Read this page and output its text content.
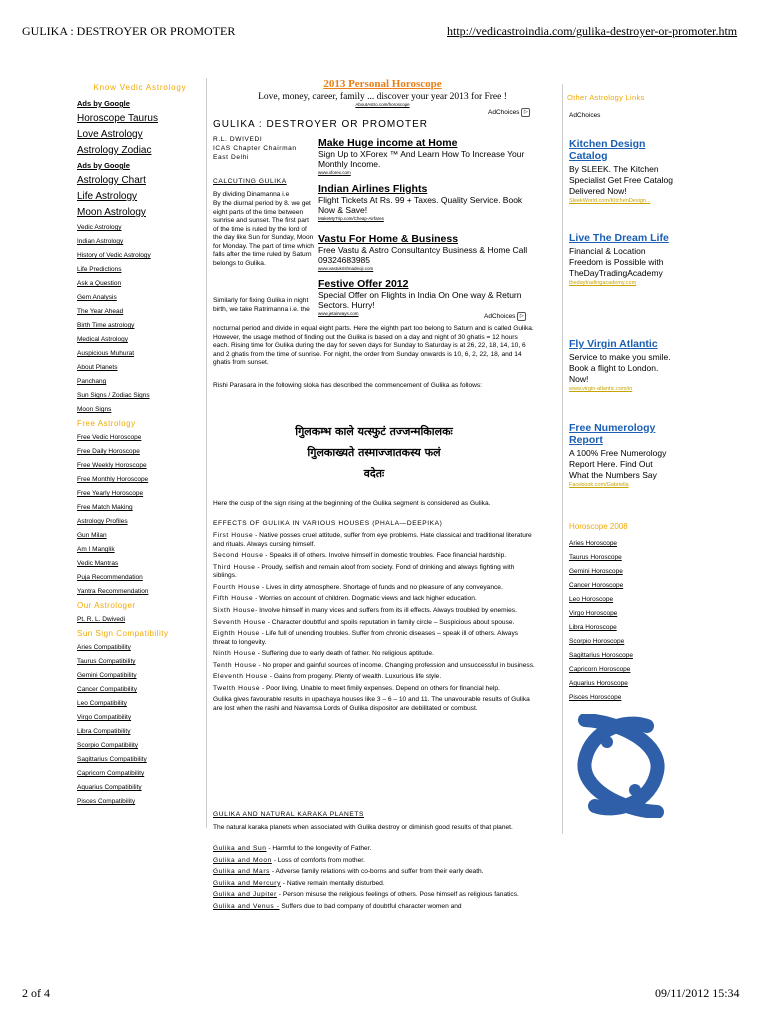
GULIKA : DESTROYER OR PROMOTER	http://vedicastroindia.com/gulika-destroyer-or-promoter.htm
2 of 4	09/11/2012 15:34
Know Vedic Astrology
Ads by Google
Horoscope Taurus
Love Astrology
Astrology Zodiac
Ads by Google
Astrology Chart
Life Astrology
Moon Astrology
Vedic Astrology
Indian Astrology
History of Vedic Astrology
Life Predictions
Ask a Question
Gem Analysis
The Year Ahead
Birth Time astrology
Medical Astrology
Auspicious Muhurat
About Planets
Panchang
Sun Signs / Zodiac Signs
Moon Signs
Free Astrology
Free Vedic Horoscope
Free Daily Horoscope
Free Weekly Horoscope
Free Monthly Horoscope
Free Yearly Horoscope
Free Match Making
Astrology Profiles
Gun Milan
Am I Manglik
Vedic Mantras
Puja Recommendation
Yantra Recommendation
Our Astrologer
Pt. R. L. Dwivedi
Sun Sign Compatibility
Aries Compatibility
Taurus Compatibility
Gemini Compatibility
Cancer Compatibility
Leo Compatibility
Virgo Compatibility
Libra Compatibility
Scorpio Compatibility
Sagittarius Compatibility
Capricorn Compatibility
Aquarius Compatibility
Pisces Compatibility
2013 Personal Horoscope
Love, money, career, family ... discover your year 2013 for Free !
AboutAstro.com/horoscope
AdChoices ▷
GULIKA : DESTROYER OR PROMOTER
R.L. DWIVEDI
ICAS Chapter Chairman
East Delhi
CALCUTING GULIKA
By dividing Dinamanna i.e
By the diurnal period by 8. we get eight parts of the time between sunrise and sunset. The first part of the time is ruled by the lord of the day like Sun for Sunday, Moon for Monday. The part of time which falls after the time ruled by Saturn belongs to Gulika.
Similarly for fixing Gulika in night birth, we take Ratrimanna i.e. the
nocturnal period and divide in equal eight parts. Here the eighth part too belong to Saturn and is called Gulika. However, the usage method of finding out the Gulika is based on a day and night of 30 ghatis = 12 hours each. Rising time for Gulika during the day for seven days for Sunday to Saturday is at 26, 22, 18, 14, 10, 6 and 2 ghatis from the time of sunrise. For night, the order from Sunday onwards is 10, 6, 2, 22, 18, and 14 ghatis from sunset.
Rishi Parasara in the following sloka has described the commencement of Gulika as follows:
गुिलकम्भ काले यत्स्फुटं तज्जन्मकािलकः
गुिलकाख्यते तस्माज्जातकस्य फलं
वदेतः
Here the cusp of the sign rising at the beginning of the Gulika segment is considered as Gulika.
EFFECTS OF GULIKA IN VARIOUS HOUSES (PHALA—DEEPIKA)
First House - Native posses cruel attitude, suffer from eye problems. Hate classical and traditional literature and rituals. Always cursing himself.
Second House - Speaks ill of others. Involve himself in domestic troubles. Face financial hardship.
Third House - Proudy, selfish and remain aloof from society. Fond of drinking and always fighting with siblings.
Fourth House - Lives in dirty atmosphere. Shortage of funds and no pleasure of any conveyance.
Fifth House - Worries on account of children. Dogmatic views and lack higher education.
Sixth House- Involve himself in many vices and suffers from its ill effects. Always troubled by enemies.
Seventh House - Character doubtful and spoils reputation in family circle – Suspicious about spouse.
Eighth House - Life full of unending troubles. Suffer from chronic diseases – speak ill of others. Always threat to longevity.
Ninth House - Suffering due to early death of father. No religious aptitude.
Tenth House - No proper and gainful sources of income. Changing profession and unsuccessful in business.
Eleventh House - Gains from progeny. Plenty of wealth. Luxurious life style.
Twelth House - Poor living. Unable to meet fimily expenses. Depend on others for financial help.
Gulika gives favourable results in upachaya houses like 3 – 6 – 10 and 11. The unavourable results of Gulika are lost when the rashi and Navamsa Lords of Gulika dispositor are debilitated or combust.
GULIKA AND NATURAL KARAKA PLANETS
The natural karaka planets when associated with Gulika destroy or diminish good results of that planet.
Gulika and Sun - Harmful to the longevity of Father.
Gulika and Moon - Loss of comforts from mother.
Gulika and Mars - Adverse family relations with co-borns and suffer from their early death.
Gulika and Mercury - Native remain mentally disturbed.
Gulika and Jupiter - Person misuse the religious feelings of others. Pose himself as religious fanatics.
Gulika and Venus - Suffers due to bad company of doubtful character women and
Make Huge income at Home
Sign Up to XForex ™ And Learn How To Increase Your Monthly Income.
www.xforex.com
Indian Airlines Flights
Flight Tickets At Rs. 99 + Taxes. Quality Service. Book Now & Save!
MakeMyTrip.com/Cheap-Airfares
Vastu For Home & Business
Free Vastu & Astro Consultantcy Business & Home Call 09324683985
www.vastukrishnadeoji.com
Festive Offer 2012
Special Offer on Flights in India On One way & Return Sectors. Hurry!
www.jetairways.com	AdChoices ▷
Other Astrology Links
AdChoices
Kitchen Design Catalog
By SLEEK. The Kitchen Specialist Get Free Catalog Delivered Now!
SleekWorld.com/KitchenDesign...
Live The Dream Life
Financial & Location Freedom is Possible with TheDayTradingAcademy
thedaytradingacademy.com
Fly Virgin Atlantic
Service to make you smile. Book a flight to London. Now!
www.virgin-atlantic.com/in
Free Numerology Report
A 100% Free Numerology Report Here. Find Out What the Numbers Say
Facebook.com/Gabriella
Horoscope 2008
Aries Horoscope
Taurus Horoscope
Gemini Horoscope
Cancer Horoscope
Leo Horoscope
Virgo Horoscope
Libra Horoscope
Scorpio Horoscope
Sagittarius Horoscope
Capricorn Horoscope
Aquarius Horoscope
Pisces Horoscope
